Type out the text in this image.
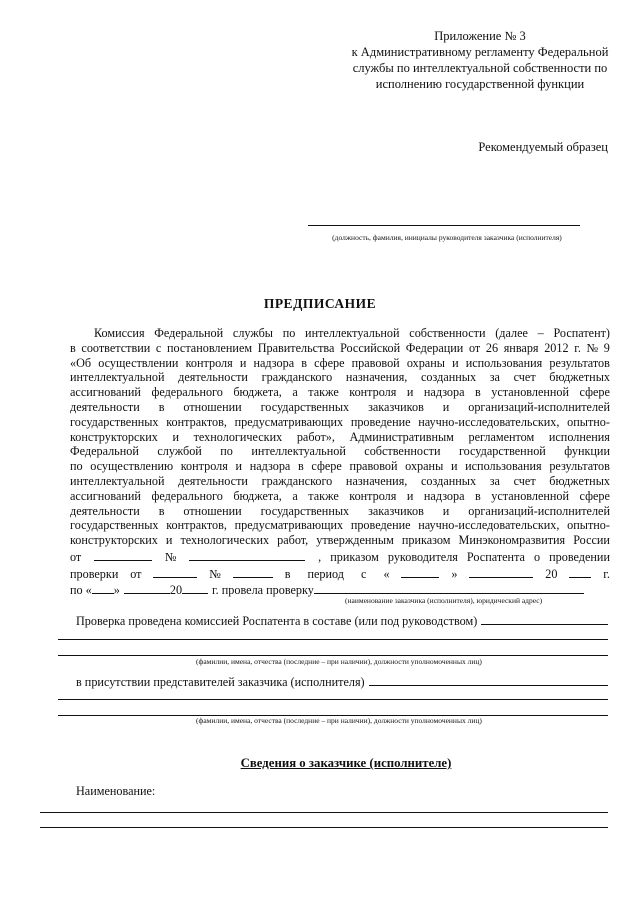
Приложение № 3
к Административному регламенту Федеральной
службы по интеллектуальной собственности по
исполнению государственной функции
Рекомендуемый образец
(должность, фамилия, инициалы руководителя заказчика (исполнителя)
ПРЕДПИСАНИЕ
Комиссия Федеральной службы по интеллектуальной собственности (далее – Роспатент)
в соответствии с постановлением Правительства Российской Федерации от 26 января 2012 г. № 9
«Об осуществлении контроля и надзора в сфере правовой охраны и использования результатов
интеллектуальной деятельности гражданского назначения, созданных за счет бюджетных
ассигнований федерального бюджета, а также контроля и надзора в установленной сфере
деятельности в отношении государственных заказчиков и организаций-исполнителей
государственных контрактов, предусматривающих проведение научно-исследовательских, опытно-
конструкторских и технологических работ», Административным регламентом исполнения
Федеральной службой по интеллектуальной собственности государственной функции
по осуществлению контроля и надзора в сфере правовой охраны и использования результатов
интеллектуальной деятельности гражданского назначения, созданных за счет бюджетных
ассигнований федерального бюджета, а также контроля и надзора в установленной сфере
деятельности в отношении государственных заказчиков и организаций-исполнителей
государственных контрактов, предусматривающих проведение научно-исследовательских, опытно-
конструкторских и технологических работ, утвержденным приказом Минэкономразвития России
от	№	, приказом руководителя Роспатента о проведении
проверки от	№	в период с «	»	20	г.
по « »	20 г. провела проверку
(наименование заказчика (исполнителя), юридический адрес)
Проверка проведена комиссией Роспатента в составе (или под руководством)
(фамилии, имена, отчества (последние – при наличии), должности уполномоченных лиц)
в присутствии представителей заказчика (исполнителя)
(фамилии, имена, отчества (последние – при наличии), должности уполномоченных лиц)
Сведения о заказчике (исполнителе)
Наименование:
